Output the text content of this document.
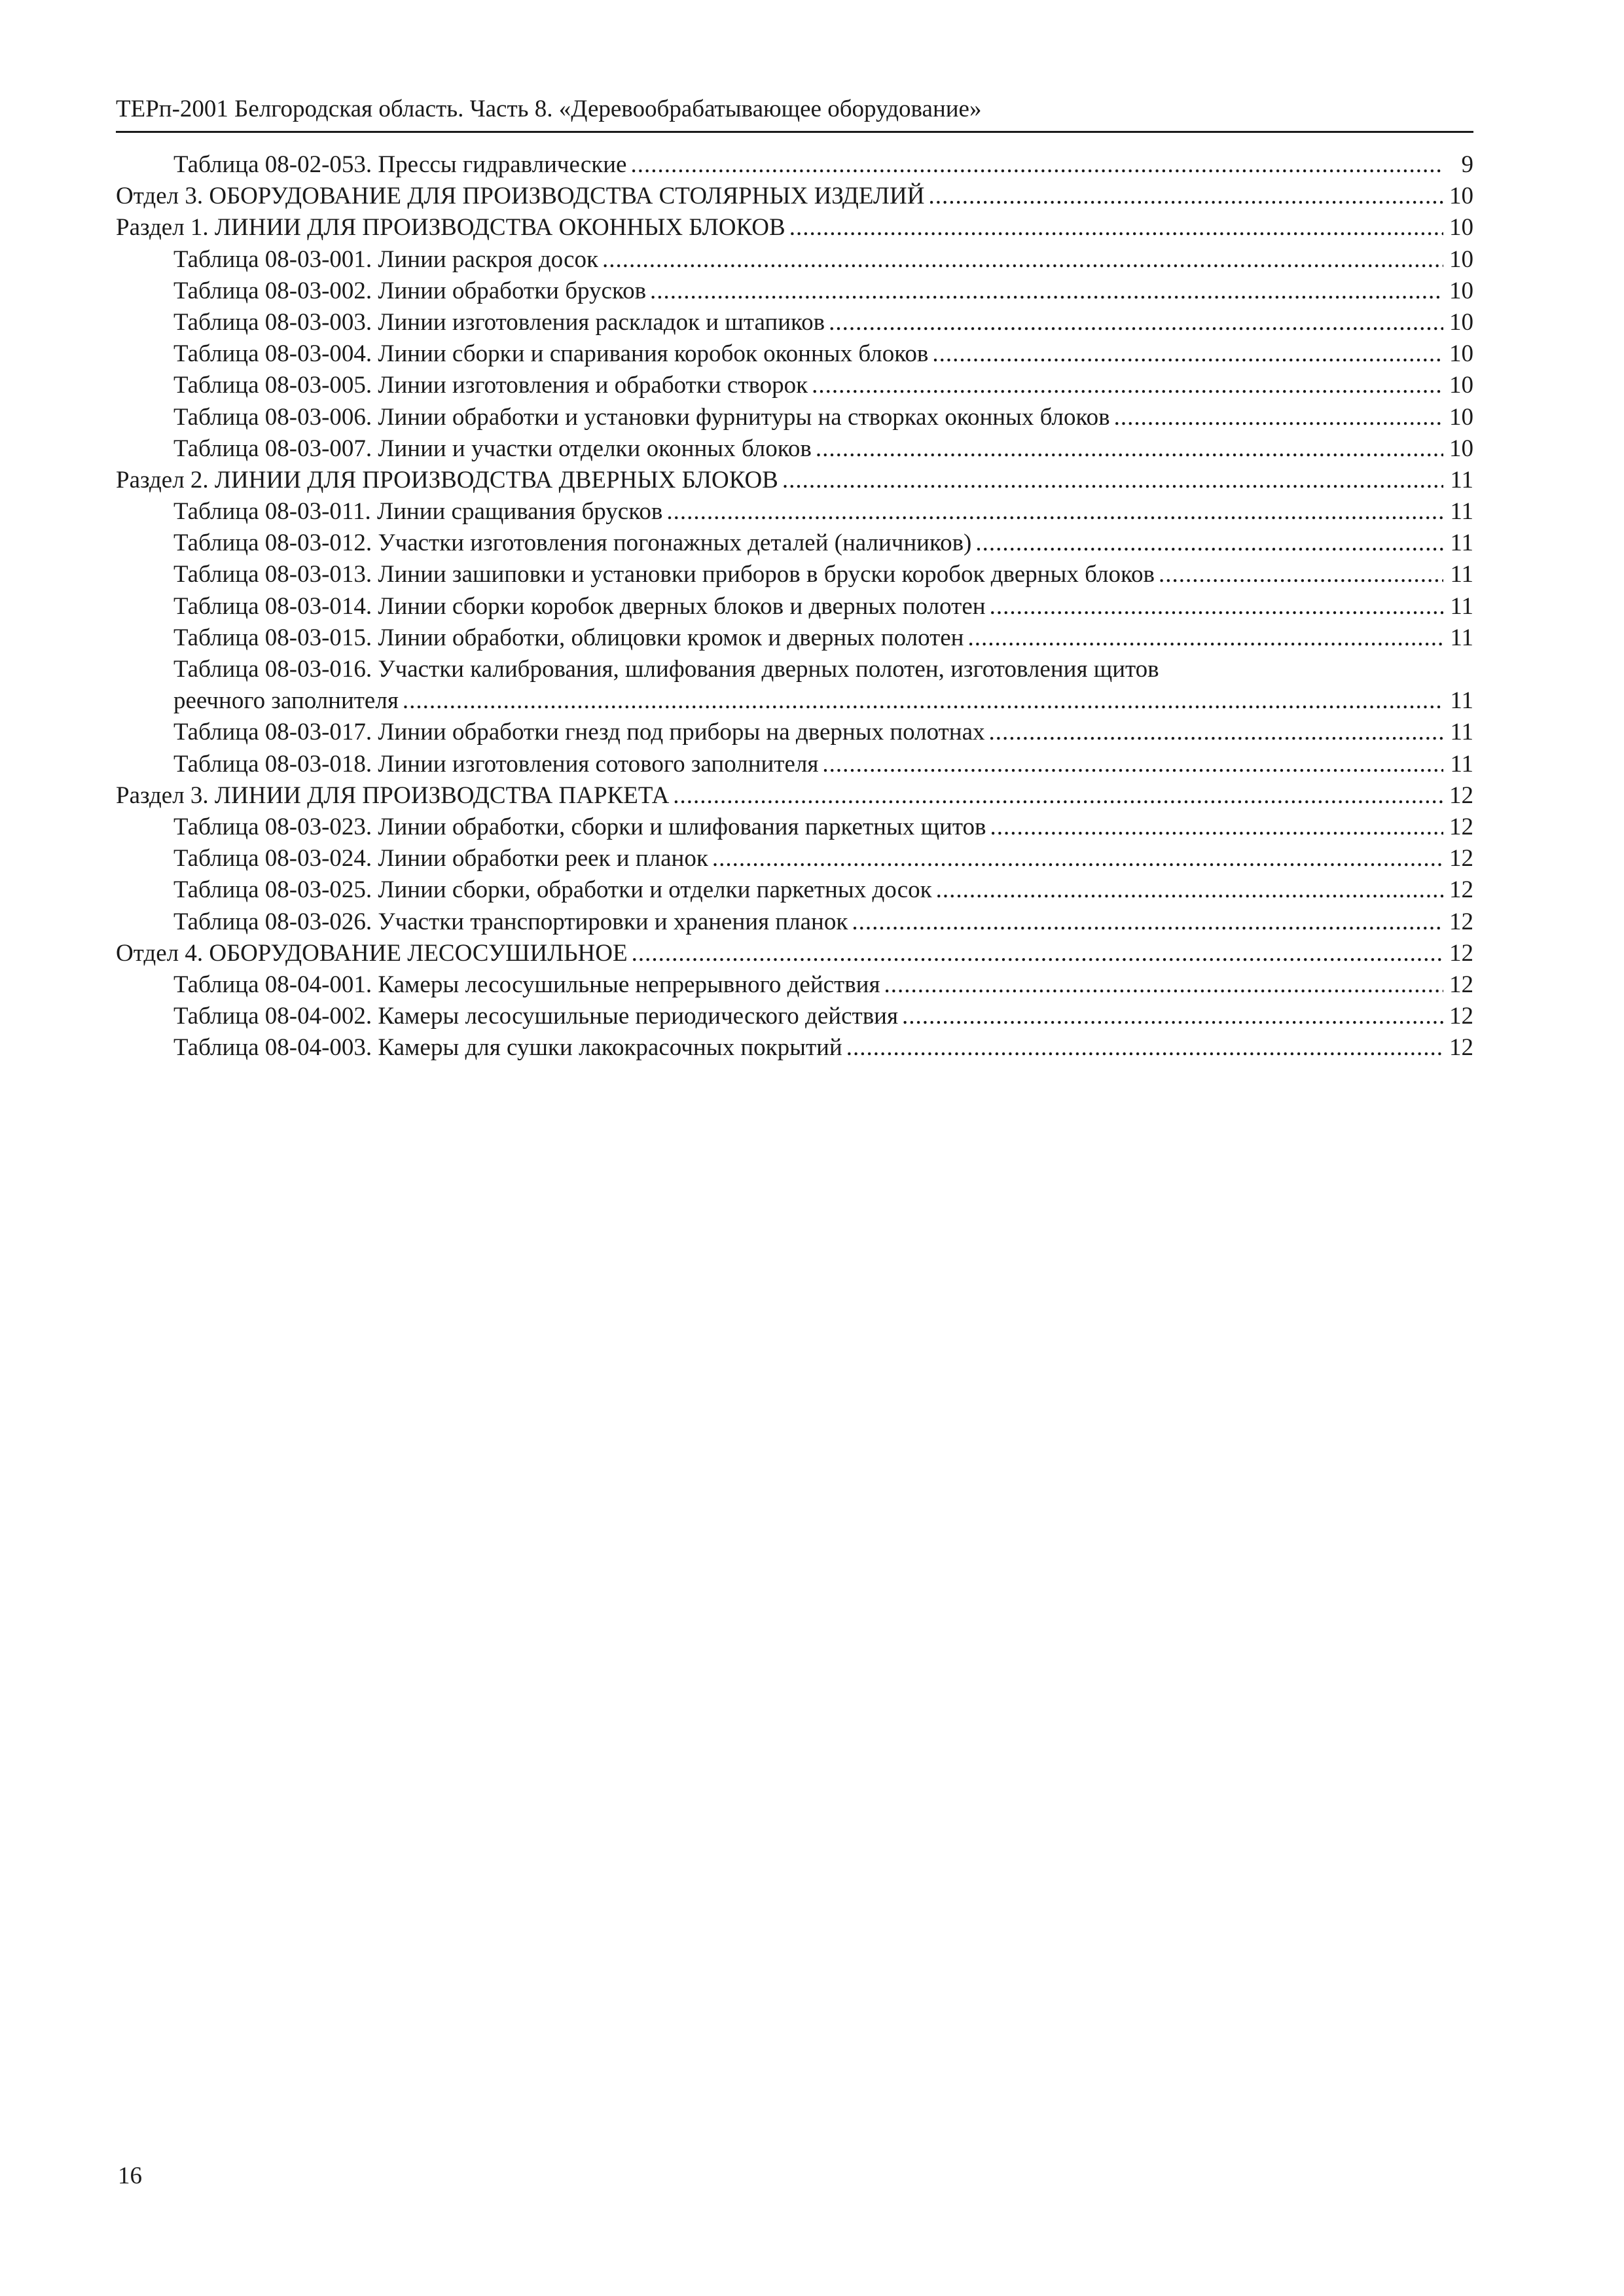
ТЕРп-2001 Белгородская область. Часть 8. «Деревообрабатывающее оборудование»
Таблица 08-02-053. Прессы гидравлические .....	9
Отдел 3. ОБОРУДОВАНИЕ ДЛЯ ПРОИЗВОДСТВА СТОЛЯРНЫХ ИЗДЕЛИЙ .....	10
Раздел 1. ЛИНИИ ДЛЯ ПРОИЗВОДСТВА ОКОННЫХ БЛОКОВ .....	10
Таблица 08-03-001. Линии раскроя досок .....	10
Таблица 08-03-002. Линии обработки брусков .....	10
Таблица 08-03-003. Линии изготовления раскладок и штапиков .....	10
Таблица 08-03-004. Линии сборки и спаривания коробок оконных блоков .....	10
Таблица 08-03-005. Линии изготовления и обработки створок .....	10
Таблица 08-03-006. Линии обработки и установки фурнитуры на створках оконных блоков .....	10
Таблица 08-03-007. Линии и участки отделки оконных блоков .....	10
Раздел 2. ЛИНИИ ДЛЯ ПРОИЗВОДСТВА ДВЕРНЫХ БЛОКОВ .....	11
Таблица 08-03-011. Линии сращивания брусков .....	11
Таблица 08-03-012. Участки изготовления погонажных деталей (наличников) .....	11
Таблица 08-03-013. Линии зашиповки и установки приборов в бруски коробок дверных блоков .....	11
Таблица 08-03-014. Линии сборки коробок дверных блоков и дверных полотен .....	11
Таблица 08-03-015. Линии обработки, облицовки кромок и дверных полотен .....	11
Таблица 08-03-016. Участки калибрования, шлифования дверных полотен, изготовления щитов
реечного заполнителя .....	11
Таблица 08-03-017. Линии обработки гнезд под приборы на дверных полотнах .....	11
Таблица 08-03-018. Линии изготовления сотового заполнителя .....	11
Раздел 3. ЛИНИИ ДЛЯ ПРОИЗВОДСТВА ПАРКЕТА .....	12
Таблица 08-03-023. Линии обработки, сборки и шлифования паркетных щитов .....	12
Таблица 08-03-024. Линии обработки реек и планок .....	12
Таблица 08-03-025. Линии сборки, обработки и отделки паркетных досок .....	12
Таблица 08-03-026. Участки транспортировки и хранения планок .....	12
Отдел 4. ОБОРУДОВАНИЕ ЛЕСОСУШИЛЬНОЕ .....	12
Таблица 08-04-001. Камеры лесосушильные непрерывного действия .....	12
Таблица 08-04-002. Камеры лесосушильные периодического действия .....	12
Таблица 08-04-003. Камеры для сушки лакокрасочных покрытий .....	12
16
